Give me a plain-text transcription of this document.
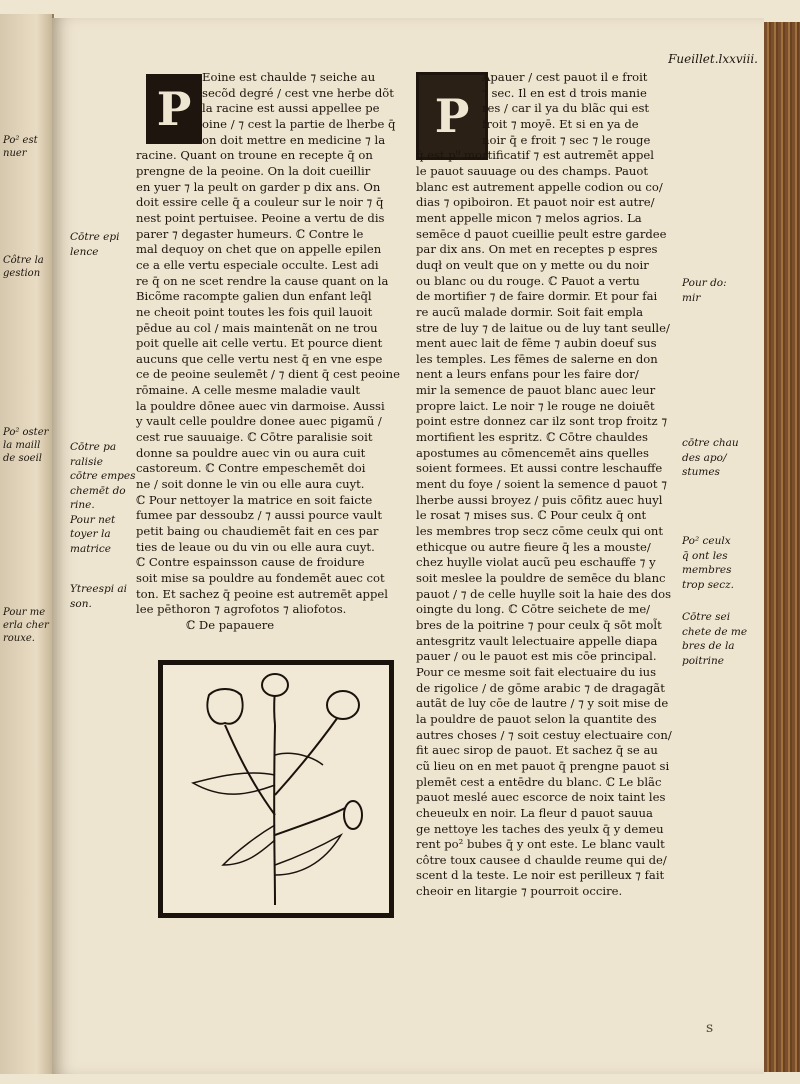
Po² est
nuer
Côtre la
gestion
Po² oster
la maill
de soeil
Pour me
erla cher
rouxe.
Fueillet.lxxviii.
P	P

Eoine est chaulde ⁊ seiche au

secõd degré / cest vne herbe dõt

la racine est aussi appellee pe

oine / ⁊ cest la partie de lherbe q̄

on doit mettre en medicine ⁊ la

racine. Quant on troune en recepte q̄ on

prengne de la peoine. On la doit cueillir

en yuer ⁊ la peult on garder p dix ans. On

doit essire celle q̄ a couleur sur le noir ⁊ q̄

nest point pertuisee. Peoine a vertu de dis

parer ⁊ degaster humeurs. ℂ Contre le

mal dequoy on chet que on appelle epilen

ce a elle vertu especiale occulte. Lest adi

re q̄ on ne scet rendre la cause quant on la

Bicõme racompte galien dun enfant leq̄l

ne cheoit point toutes les fois quil lauoit

pēdue au col / mais maintenãt on ne trou

poit quelle ait celle vertu. Et pource dient

aucuns que celle vertu nest q̄ en vne espe

ce de peoine seulemēt / ⁊ dient q̄ cest peoine

rōmaine. A celle mesme maladie vault

la pouldre dōnee auec vin darmoise. Aussi

y vault celle pouldre donee auec pigamũ /

cest rue sauuaige. ℂ Cōtre paralisie soit

donne sa pouldre auec vin ou aura cuit

castoreum. ℂ Contre empeschemēt doi

ne / soit donne le vin ou elle aura cuyt.

ℂ Pour nettoyer la matrice en soit faicte

fumee par dessoubz / ⁊ aussi pource vault

petit baing ou chaudiemēt fait en ces par

ties de leaue ou du vin ou elle aura cuyt.

ℂ Contre espainsson cause de froidure

soit mise sa pouldre au fondemēt auec cot

ton. Et sachez q̄ peoine est autremēt appel

lee pēthoron ⁊ agrofotos ⁊ aliofotos.

ℂ De papauere

Cōtre epi
lence
Cōtre pa
ralisie
cōtre empes
chemēt do
rine.
Pour net
toyer la
matrice
Ytreespi ai
son.

Apauer / cest pauot il e froit

⁊ sec. Il en est d trois manie

res / car il ya du blãc qui est

froit ⁊ moyē. Et si en ya de

noir q̄ e froit ⁊ sec ⁊ le rouge

q̄ est p⁹ mortificatif ⁊ est autremēt appel

le pauot sauuage ou des champs. Pauot

blanc est autrement appelle codion ou co/

dias ⁊ opiboiron. Et pauot noir est autre/

ment appelle micon ⁊ melos agrios. La

semēce d pauot cueillie peult estre gardee

par dix ans. On met en receptes p espres

duqł on veult que on y mette ou du noir

ou blanc ou du rouge. ℂ Pauot a vertu

de mortifier ⁊ de faire dormir. Et pour fai

re aucũ malade dormir. Soit fait empla

stre de luy ⁊ de laitue ou de luy tant seulle/

ment auec lait de fēme ⁊ aubin doeuf sus

les temples. Les fēmes de salerne en don

nent a leurs enfans pour les faire dor/

mir la semence de pauot blanc auec leur

propre laict. Le noir ⁊ le rouge ne doiuēt

point estre donnez car ilz sont trop froitz ⁊

mortifient les espritz. ℂ Cōtre chauldes

apostumes au cōmencemēt ains quelles

soient formees. Et aussi contre leschauffe

ment du foye / soient la semence d pauot ⁊

lherbe aussi broyez / puis cōfitz auec huyl

le rosat ⁊ mises sus. ℂ Pour ceulx q̄ ont

les membres trop secz cōme ceulx qui ont

ethicque ou autre fieure q̄ les a mouste/

chez huylle violat aucũ peu eschauffe ⁊ y

soit meslee la pouldre de semēce du blanc

pauot / ⁊ de celle huylle soit la haie des dos

oingte du long. ℂ Cōtre seichete de me/

bres de la poitrine ⁊ pour ceulx q̄ sōt mol̃t

antesgritz vault lelectuaire appelle diapa

pauer / ou le pauot est mis cōe principal.

Pour ce mesme soit fait electuaire du ius

de rigolice / de gōme arabic ⁊ de dragagãt

autãt de luy cōe de lautre / ⁊ y soit mise de

la pouldre de pauot selon la quantite des

autres choses / ⁊ soit cestuy electuaire con/

fit auec sirop de pauot. Et sachez q̄ se au

cũ lieu on en met pauot q̄ prengne pauot si

plemēt cest a entēdre du blanc. ℂ Le blãc

pauot meslé auec escorce de noix taint les

cheueulx en noir. La fleur d pauot sauua

ge nettoye les taches des yeulx q̄ y demeu

rent po² bubes q̄ y ont este. Le blanc vault

côtre toux causee d chaulde reume qui de/

scent d la teste. Le noir est perilleux ⁊ fait

cheoir en litargie ⁊ pourroit occire.

Pour do:
mir
cōtre chau
des apo/
stumes
Po² ceulx
q̄ ont les
membres
trop secz.
Cōtre sei
chete de me
bres de la
poitrine
ꜱ
